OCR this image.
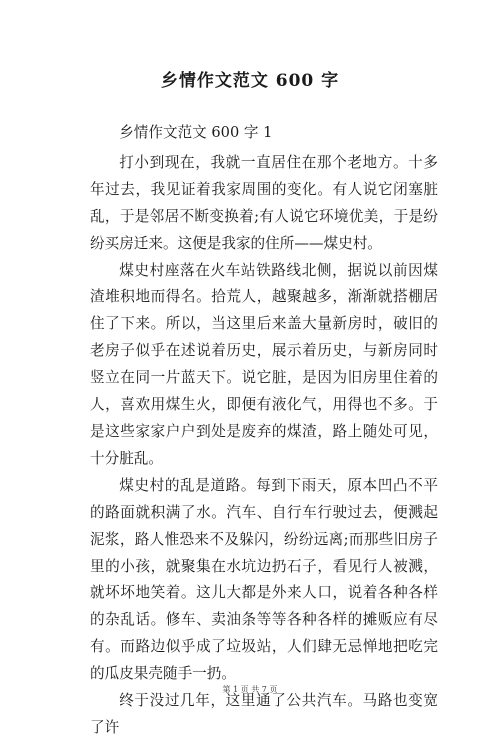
乡情作文范文 600 字

乡情作文范文 600 字 1

打小到现在，我就一直居住在那个老地方。十多年过去，我见证着我家周围的变化。有人说它闭塞脏乱，于是邻居不断变换着;有人说它环境优美，于是纷纷买房迁来。这便是我家的住所——煤史村。

煤史村座落在火车站铁路线北侧，据说以前因煤渣堆积地而得名。拾荒人，越聚越多，渐渐就搭棚居住了下来。所以，当这里后来盖大量新房时，破旧的老房子似乎在述说着历史，展示着历史，与新房同时竖立在同一片蓝天下。说它脏，是因为旧房里住着的人，喜欢用煤生火，即便有液化气，用得也不多。于是这些家家户户到处是废弃的煤渣，路上随处可见，十分脏乱。

煤史村的乱是道路。每到下雨天，原本凹凸不平的路面就积满了水。汽车、自行车行驶过去，便溅起泥浆，路人惟恐来不及躲闪，纷纷远离;而那些旧房子里的小孩，就聚集在水坑边扔石子，看见行人被溅，就坏坏地笑着。这儿大都是外来人口，说着各种各样的杂乱话。修车、卖油条等等各种各样的摊贩应有尽有。而路边似乎成了垃圾站，人们肆无忌惮地把吃完的瓜皮果壳随手一扔。

终于没过几年，这里通了公共汽车。马路也变宽了许

第 1 页 共 7 页
